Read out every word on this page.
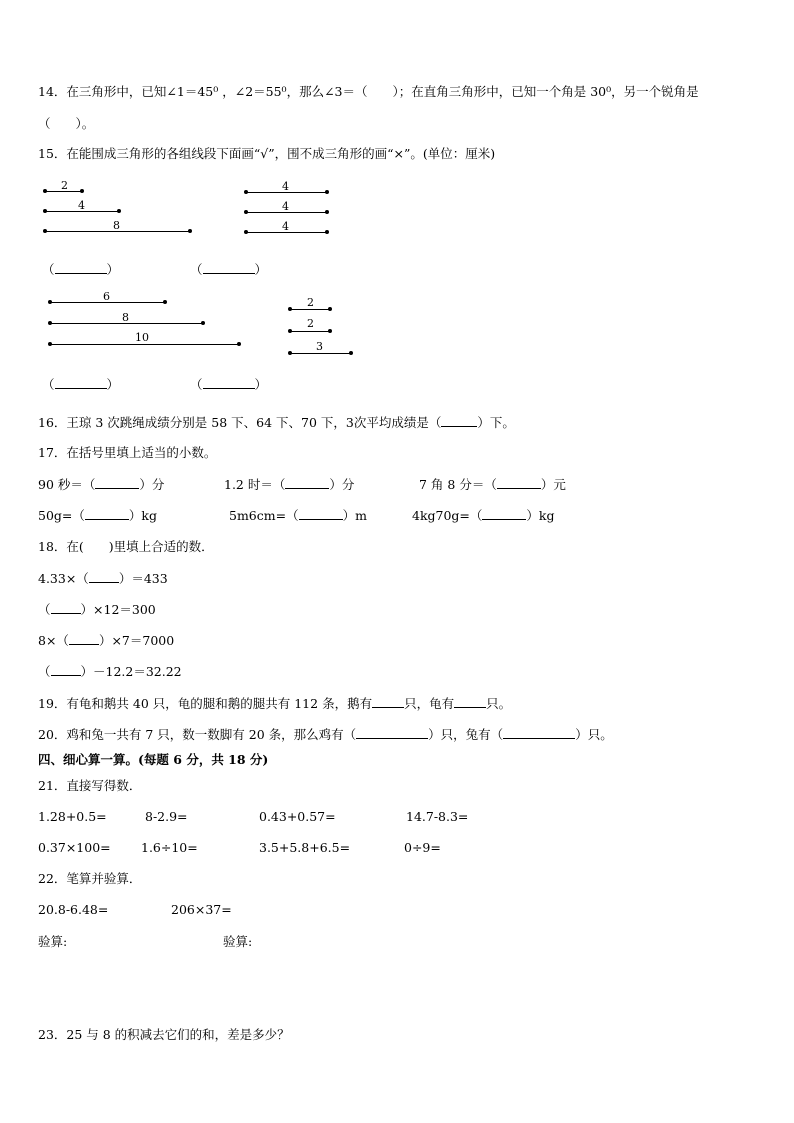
14．在三角形中，已知∠1＝45⁰ ，∠2＝55⁰，那么∠3＝（　　）；在直角三角形中，已知一个角是 30⁰，另一个锐角是
（　　）。
15．在能围成三角形的各组线段下面画“√”，围不成三角形的画“×”。(单位：厘米)
2
4
8
4
4
4
（	）	（	）
6
8
10
2
2
3
（	）	（	）
16．王琼 3 次跳绳成绩分别是 58 下、64 下、70 下，3次平均成绩是（	）下。
17．在括号里填上适当的小数。
90 秒＝（	）分	1.2 时＝（	）分	7 角 8 分＝（	）元
50g=（	）kg	5m6cm=（	）m	4kg70g=（	）kg
18．在(　　)里填上合适的数．
4.33×（ ）＝433
（ ）×12＝300
8×（ ）×7＝7000
（ ）－12.2＝32.22
19．有龟和鹅共 40 只，龟的腿和鹅的腿共有 112 条，鹅有	只，龟有	只。
20．鸡和兔一共有 7 只，数一数脚有 20 条，那么鸡有（	）只，兔有（	）只。
四、细心算一算。(每题 6 分，共 18 分)
21．直接写得数．
1.28+0.5=	8-2.9=	0.43+0.57=	14.7-8.3=
0.37×100= 1.6÷10=	3.5+5.8+6.5=	0÷9=
22．笔算并验算．
20.8-6.48=	206×37=
验算:	验算:
23．25 与 8 的积减去它们的和，差是多少？
